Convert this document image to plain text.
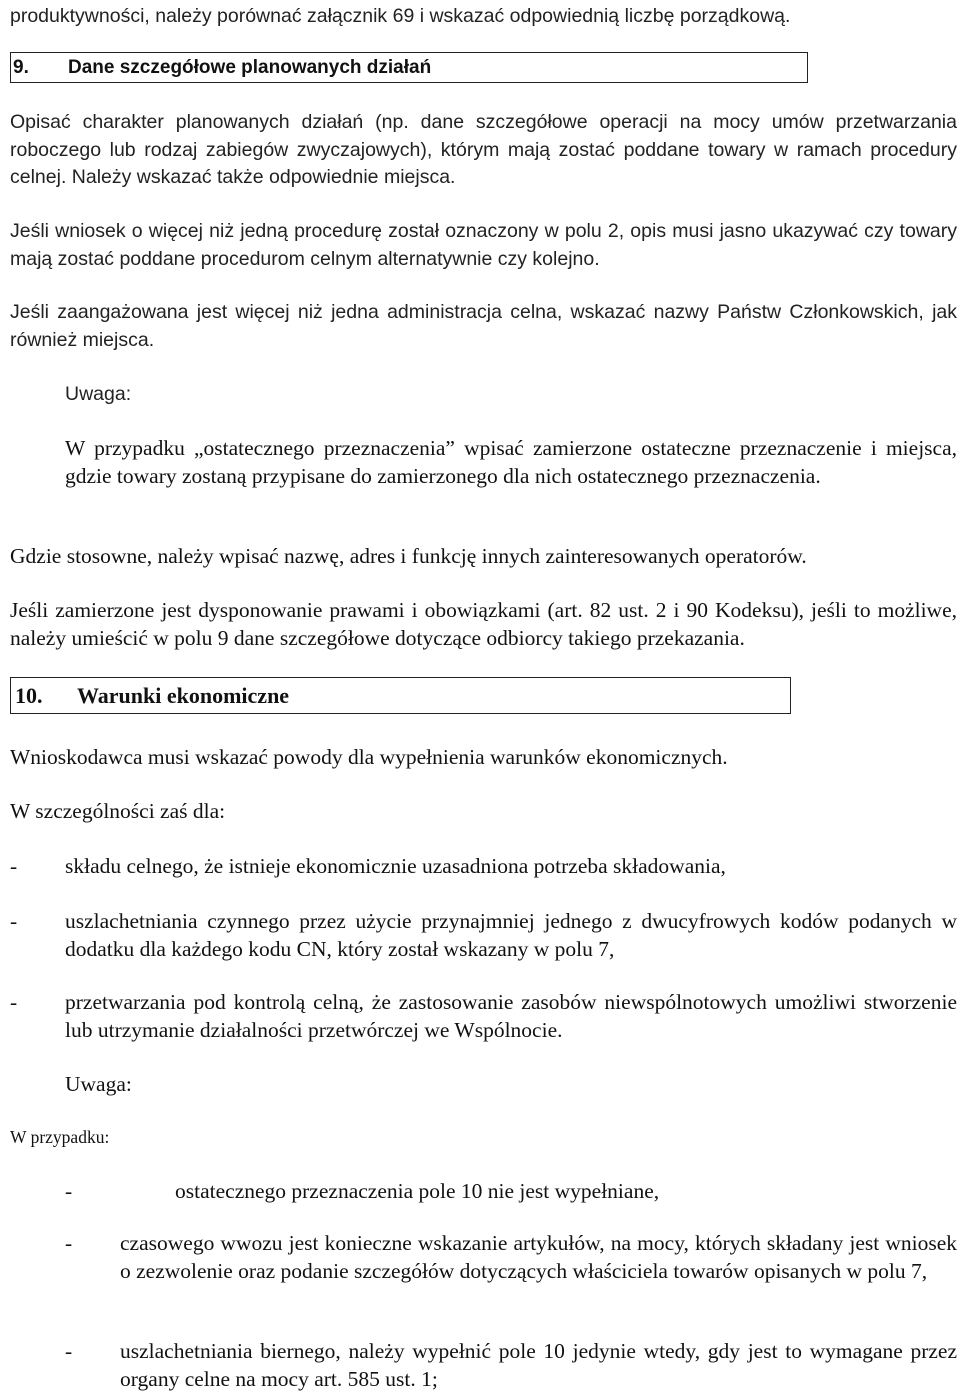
produktywności, należy porównać załącznik 69 i wskazać odpowiednią liczbę porządkową.

9.	Dane szczegółowe planowanych działań

Opisać charakter planowanych działań (np. dane szczegółowe operacji na mocy umów przetwarzania roboczego lub rodzaj zabiegów zwyczajowych), którym mają zostać poddane towary w ramach procedury celnej. Należy wskazać także odpowiednie miejsca.

Jeśli wniosek o więcej niż jedną procedurę został oznaczony w polu 2, opis musi jasno ukazywać czy towary mają zostać poddane procedurom celnym alternatywnie czy kolejno.

Jeśli zaangażowana jest więcej niż jedna administracja celna, wskazać nazwy Państw Członkowskich, jak również miejsca.

Uwaga:

W przypadku „ostatecznego przeznaczenia” wpisać zamierzone ostateczne przeznaczenie i miejsca, gdzie towary zostaną przypisane do zamierzonego dla nich ostatecznego przeznaczenia.

Gdzie stosowne, należy wpisać nazwę, adres i funkcję innych zainteresowanych operatorów.

Jeśli zamierzone jest dysponowanie prawami i obowiązkami (art. 82 ust. 2 i 90 Kodeksu), jeśli to możliwe, należy umieścić w polu 9 dane szczegółowe dotyczące odbiorcy takiego przekazania.

10.	Warunki ekonomiczne

Wnioskodawca musi wskazać powody dla wypełnienia warunków ekonomicznych.

W szczególności zaś dla:

- składu celnego, że istnieje ekonomicznie uzasadniona potrzeba składowania,

- uszlachetniania czynnego przez użycie przynajmniej jednego z dwucyfrowych kodów podanych w dodatku dla każdego kodu CN, który został wskazany w polu 7,

- przetwarzania pod kontrolą celną, że zastosowanie zasobów niewspólnotowych umożliwi stworzenie lub utrzymanie działalności przetwórczej we Wspólnocie.

Uwaga:

W przypadku:

-	ostatecznego przeznaczenia pole 10 nie jest wypełniane,

- czasowego wwozu jest konieczne wskazanie artykułów, na mocy, których składany jest wniosek o zezwolenie oraz podanie szczegółów dotyczących właściciela towarów opisanych w polu 7,

- uszlachetniania biernego, należy wypełnić pole 10 jedynie wtedy, gdy jest to wymagane przez organy celne na mocy art. 585 ust. 1;
